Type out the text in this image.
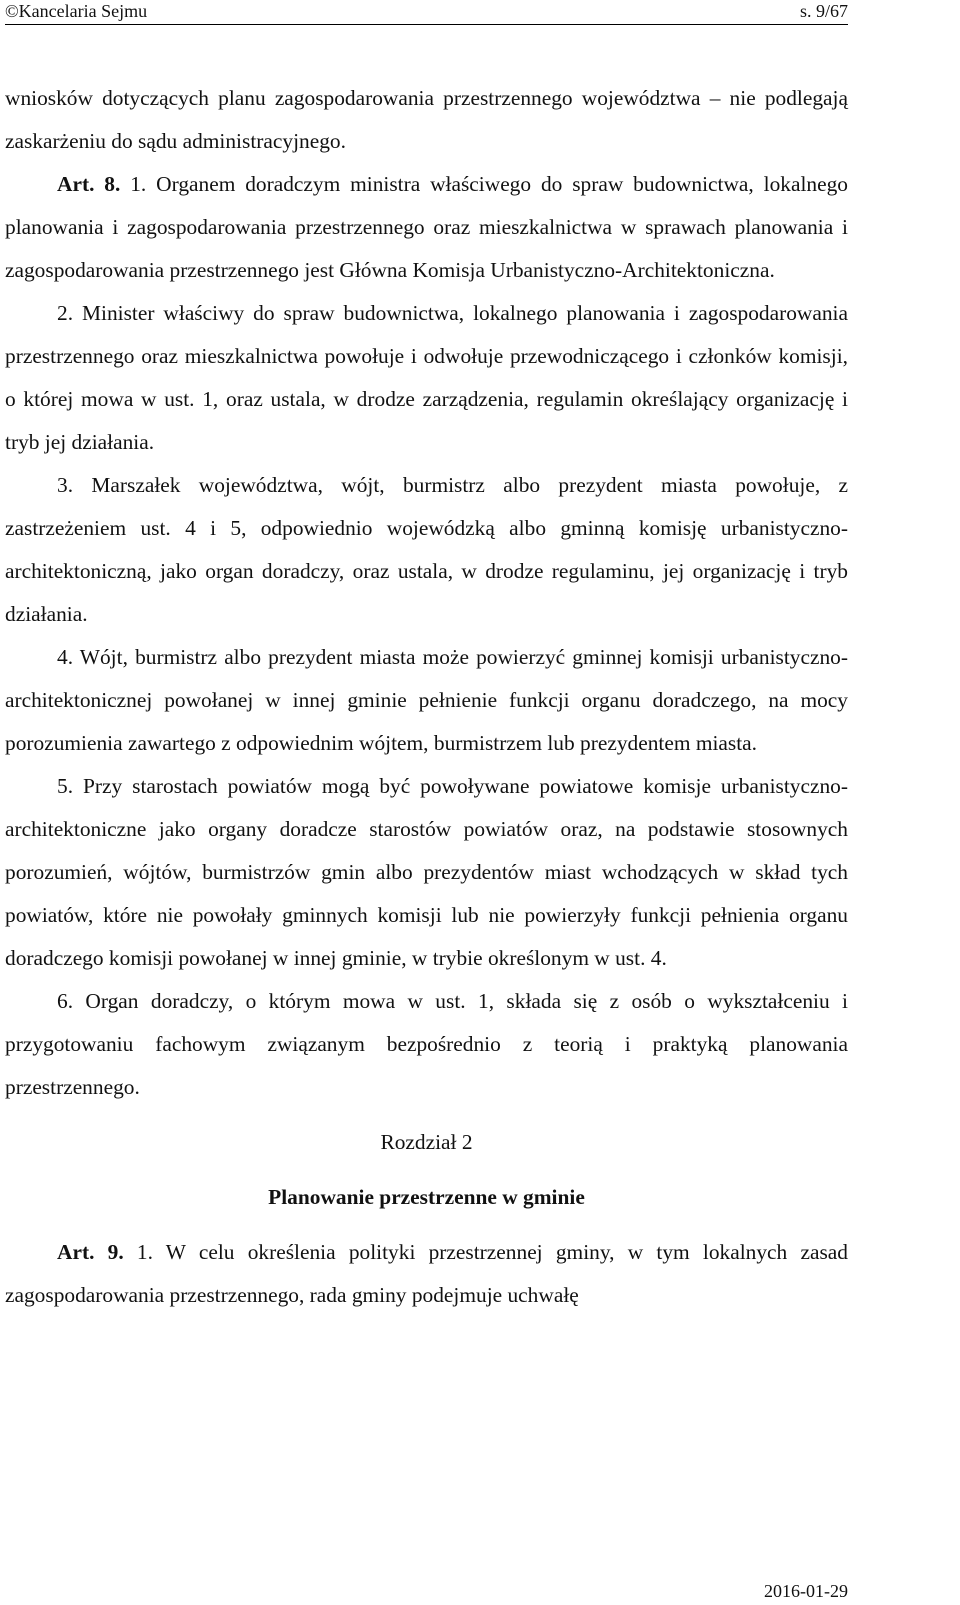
©Kancelaria Sejmu	s. 9/67

wniosków dotyczących planu zagospodarowania przestrzennego województwa – nie podlegają zaskarżeniu do sądu administracyjnego.

Art. 8. 1. Organem doradczym ministra właściwego do spraw budownictwa, lokalnego planowania i zagospodarowania przestrzennego oraz mieszkalnictwa w sprawach planowania i zagospodarowania przestrzennego jest Główna Komisja Urbanistyczno-Architektoniczna.

2. Minister właściwy do spraw budownictwa, lokalnego planowania i zagospodarowania przestrzennego oraz mieszkalnictwa powołuje i odwołuje przewodniczącego i członków komisji, o której mowa w ust. 1, oraz ustala, w drodze zarządzenia, regulamin określający organizację i tryb jej działania.

3. Marszałek województwa, wójt, burmistrz albo prezydent miasta powołuje, z zastrzeżeniem ust. 4 i 5, odpowiednio wojewódzką albo gminną komisję urbanistyczno-architektoniczną, jako organ doradczy, oraz ustala, w drodze regulaminu, jej organizację i tryb działania.

4. Wójt, burmistrz albo prezydent miasta może powierzyć gminnej komisji urbanistyczno-architektonicznej powołanej w innej gminie pełnienie funkcji organu doradczego, na mocy porozumienia zawartego z odpowiednim wójtem, burmistrzem lub prezydentem miasta.

5. Przy starostach powiatów mogą być powoływane powiatowe komisje urbanistyczno-architektoniczne jako organy doradcze starostów powiatów oraz, na podstawie stosownych porozumień, wójtów, burmistrzów gmin albo prezydentów miast wchodzących w skład tych powiatów, które nie powołały gminnych komisji lub nie powierzyły funkcji pełnienia organu doradczego komisji powołanej w innej gminie, w trybie określonym w ust. 4.

6. Organ doradczy, o którym mowa w ust. 1, składa się z osób o wykształceniu i przygotowaniu fachowym związanym bezpośrednio z teorią i praktyką planowania przestrzennego.

Rozdział 2

Planowanie przestrzenne w gminie

Art. 9. 1. W celu określenia polityki przestrzennej gminy, w tym lokalnych zasad zagospodarowania przestrzennego, rada gminy podejmuje uchwałę

2016-01-29
